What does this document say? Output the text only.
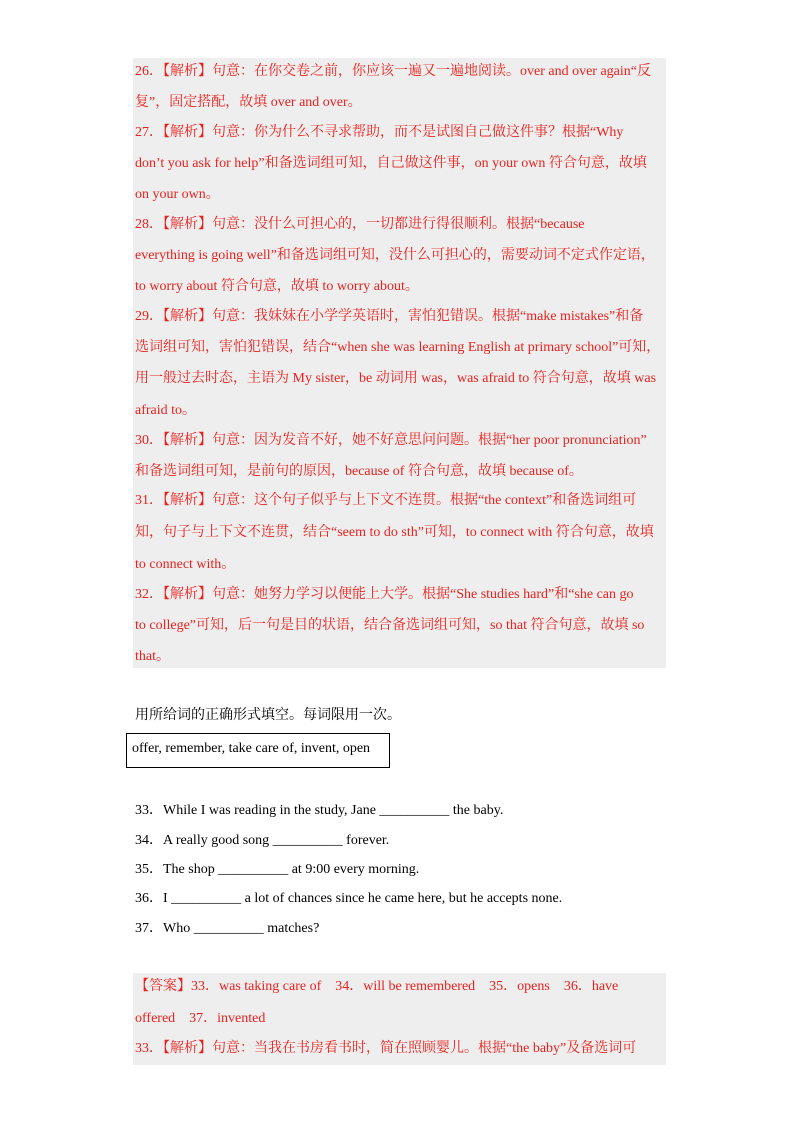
26．【解析】句意：在你交卷之前，你应该一遍又一遍地阅读。over and over again“反
复”，固定搭配，故填 over and over。
27．【解析】句意：你为什么不寻求帮助，而不是试图自己做这件事？根据“Why
don’t you ask for help”和备选词组可知，自己做这件事，on your own 符合句意，故填
on your own。
28．【解析】句意：没什么可担心的，一切都进行得很顺利。根据“because
everything is going well”和备选词组可知，没什么可担心的，需要动词不定式作定语，
to worry about 符合句意，故填 to worry about。
29．【解析】句意：我妹妹在小学学英语时，害怕犯错误。根据“make mistakes”和备
选词组可知，害怕犯错误，结合“when she was learning English at primary school”可知，
用一般过去时态，主语为 My sister，be 动词用 was，was afraid to 符合句意，故填 was
afraid to。
30．【解析】句意：因为发音不好，她不好意思问问题。根据“her poor pronunciation”
和备选词组可知，是前句的原因，because of 符合句意，故填 because of。
31．【解析】句意：这个句子似乎与上下文不连贯。根据“the context”和备选词组可
知，句子与上下文不连贯，结合“seem to do sth”可知，to connect with 符合句意，故填
to connect with。
32．【解析】句意：她努力学习以便能上大学。根据“She studies hard”和“she can go
to college”可知，后一句是目的状语，结合备选词组可知，so that 符合句意，故填 so
that。
用所给词的正确形式填空。每词限用一次。
offer, remember, take care of, invent, open
33．While I was reading in the study, Jane __________ the baby.
34．A really good song __________ forever.
35．The shop __________ at 9:00 every morning.
36．I __________ a lot of chances since he came here, but he accepts none.
37．Who __________ matches?
【答案】33．was taking care of    34．will be remembered    35．opens    36．have
offered    37．invented
33．【解析】句意：当我在书房看书时，简在照顾婴儿。根据“the baby”及备选词可
